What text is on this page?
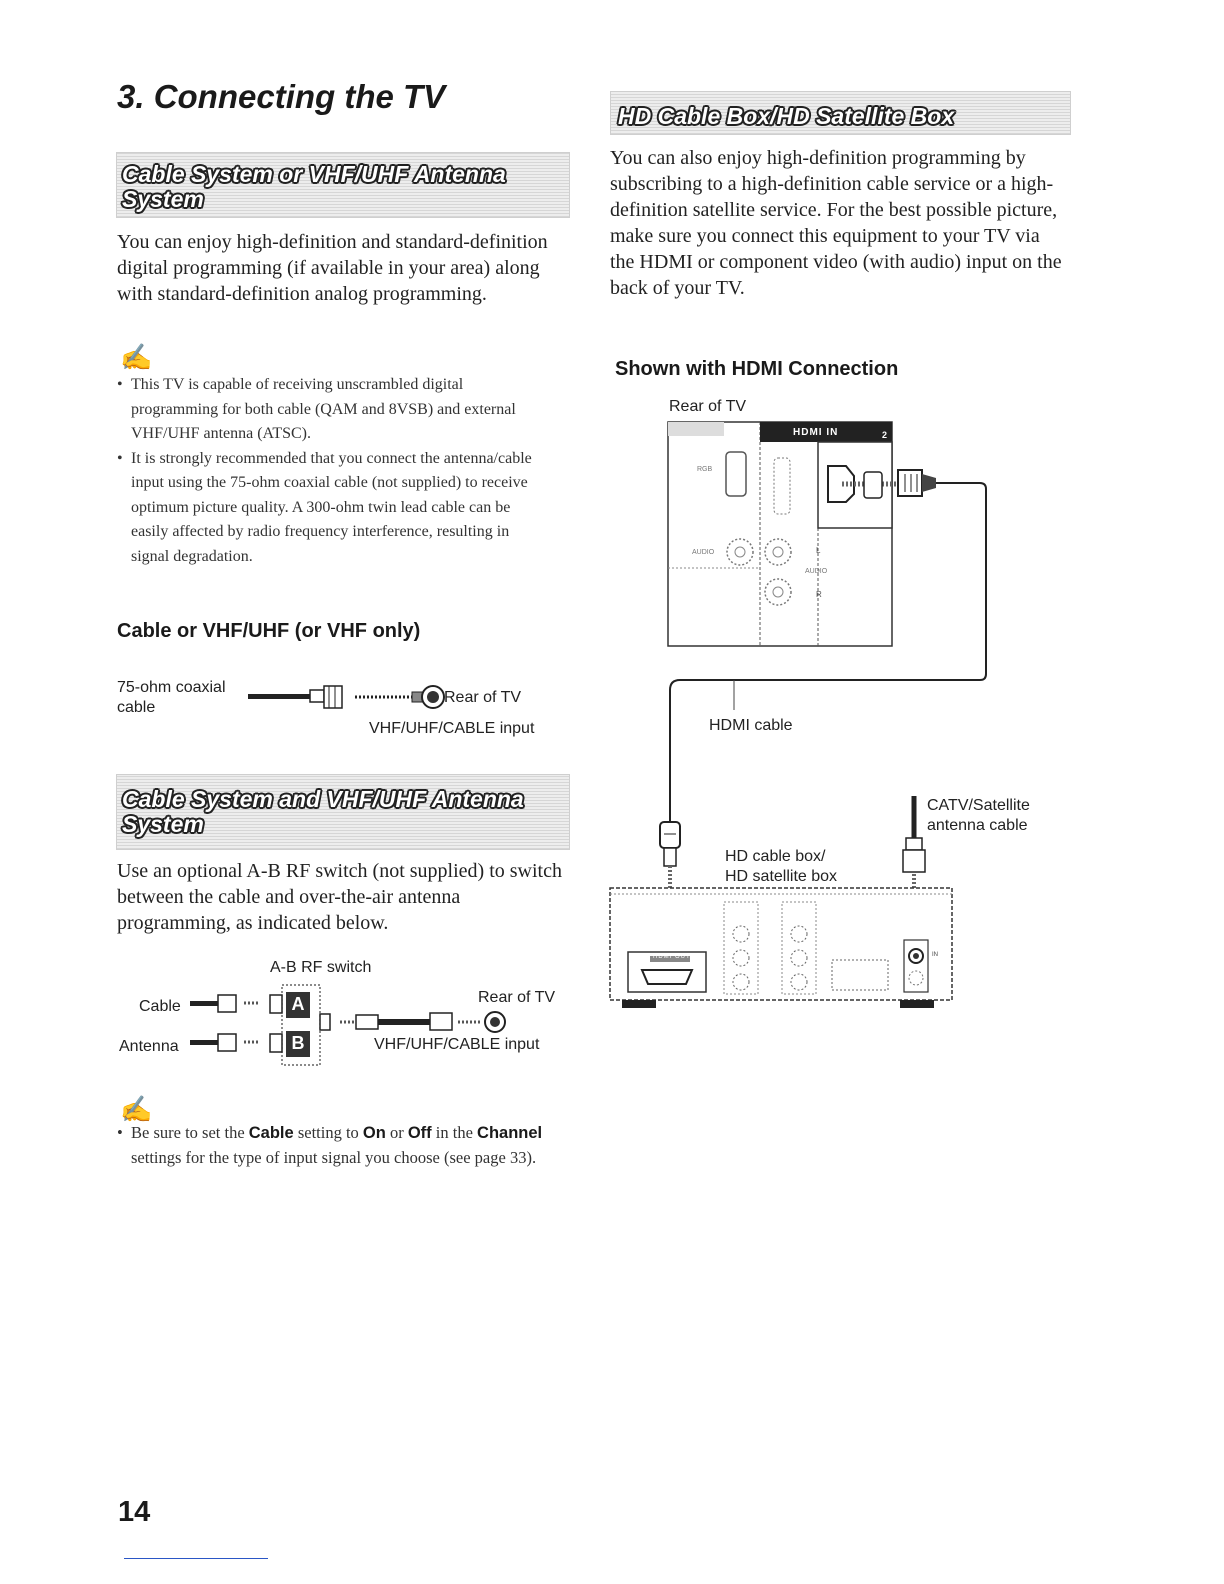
3. Connecting the TV
Cable System or VHF/UHF Antenna System
You can enjoy high-definition and standard-definition digital programming (if available in your area) along with standard-definition analog programming.
✍
• This TV is capable of receiving unscrambled digital programming for both cable (QAM and 8VSB) and external VHF/UHF antenna (ATSC).
• It is strongly recommended that you connect the antenna/cable input using the 75-ohm coaxial cable (not supplied) to receive optimum picture quality. A 300-ohm twin lead cable can be easily affected by radio frequency interference, resulting in signal degradation.
Cable or VHF/UHF (or VHF only)
75-ohm coaxial
cable
Rear of TV
VHF/UHF/CABLE input
Cable System and VHF/UHF Antenna System
Use an optional A-B RF switch (not supplied) to switch between the cable and over-the-air antenna programming, as indicated below.
A-B RF switch
Cable
Antenna
A
B
Rear of TV
VHF/UHF/CABLE input
✍
• Be sure to set the Cable setting to On or Off in the Channel settings for the type of input signal you choose (see page 33).
HD Cable Box/HD Satellite Box
You can also enjoy high-definition programming by subscribing to a high-definition cable service or a high-definition satellite service. For the best possible picture, make sure you connect this equipment to your TV via the HDMI or component video (with audio) input on the back of your TV.
Shown with HDMI Connection
Rear of TV
HDMI IN	2
RGB
AUDIO
AUDIO
L
R
HDMI cable
CATV/Satellite
antenna cable
HD cable box/
HD satellite box
HDMI OUT	IN
14
